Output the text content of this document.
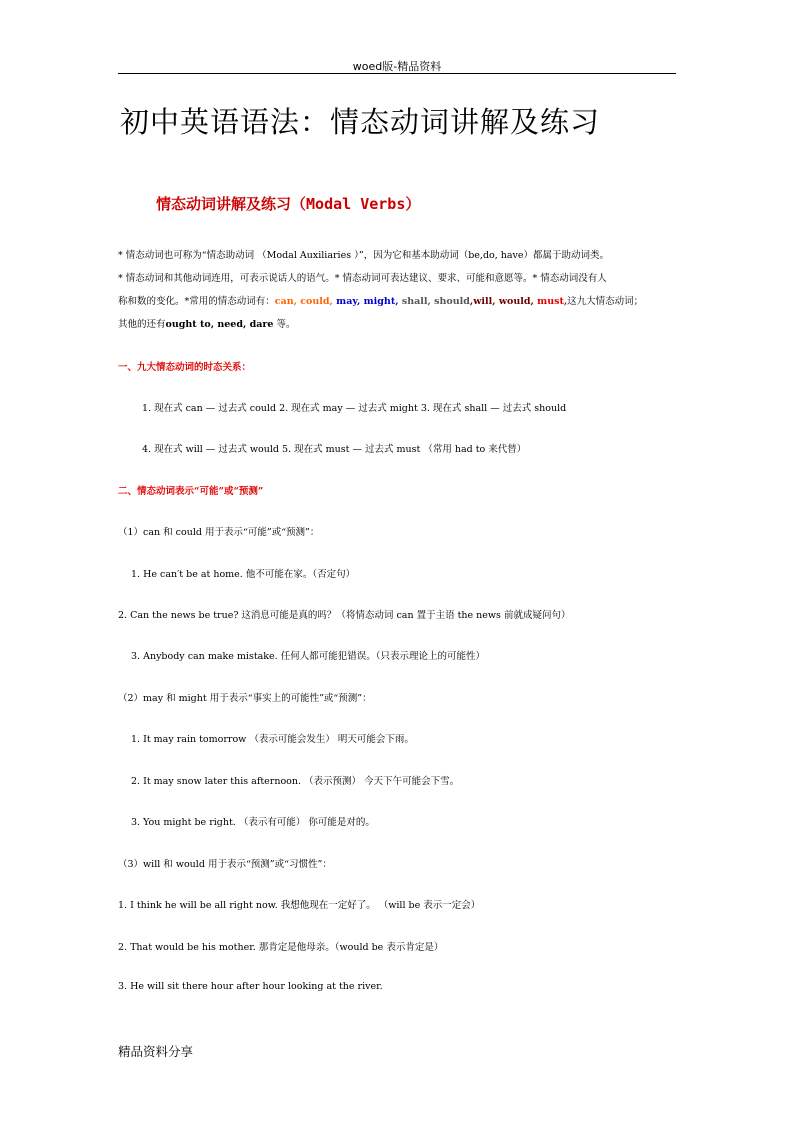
woed版-精品资料
初中英语语法：情态动词讲解及练习
情态动词讲解及练习（Modal Verbs）
* 情态动词也可称为“情态助动词 （Modal Auxiliaries ）”，因为它和基本助动词（be,do, have）都属于助动词类。
* 情态动词和其他动词连用，可表示说话人的语气。* 情态动词可表达建议、要求、可能和意愿等。* 情态动词没有人
称和数的变化。*常用的情态动词有：can, could, may, might, shall, should,will, would, must,这九大情态动词；
其他的还有ought to, need, dare 等。
一、九大情态动词的时态关系：
1. 现在式 can — 过去式 could 2. 现在式 may — 过去式 might 3. 现在式 shall — 过去式 should
4. 现在式 will — 过去式 would 5. 现在式 must — 过去式 must （常用 had to 来代替）
二、情态动词表示“可能”或“预测”
（1）can 和 could 用于表示“可能”或“预测”：
1. He can′t be at home. 他不可能在家。（否定句）
2. Can the news be true? 这消息可能是真的吗？（将情态动词 can 置于主语 the news 前就成疑问句）
3. Anybody can make mistake. 任何人都可能犯错误。（只表示理论上的可能性）
（2）may 和 might 用于表示“事实上的可能性”或“预测”：
1. It may rain tomorrow （表示可能会发生） 明天可能会下雨。
2. It may snow later this afternoon. （表示预测） 今天下午可能会下雪。
3. You might be right. （表示有可能） 你可能是对的。
（3）will 和 would 用于表示“预测”或“习惯性”：
1. I think he will be all right now. 我想他现在一定好了。 （will be 表示一定会）
2. That would be his mother. 那肯定是他母亲。（would be 表示肯定是）
3. He will sit there hour after hour looking at the river.
精品资料分享
